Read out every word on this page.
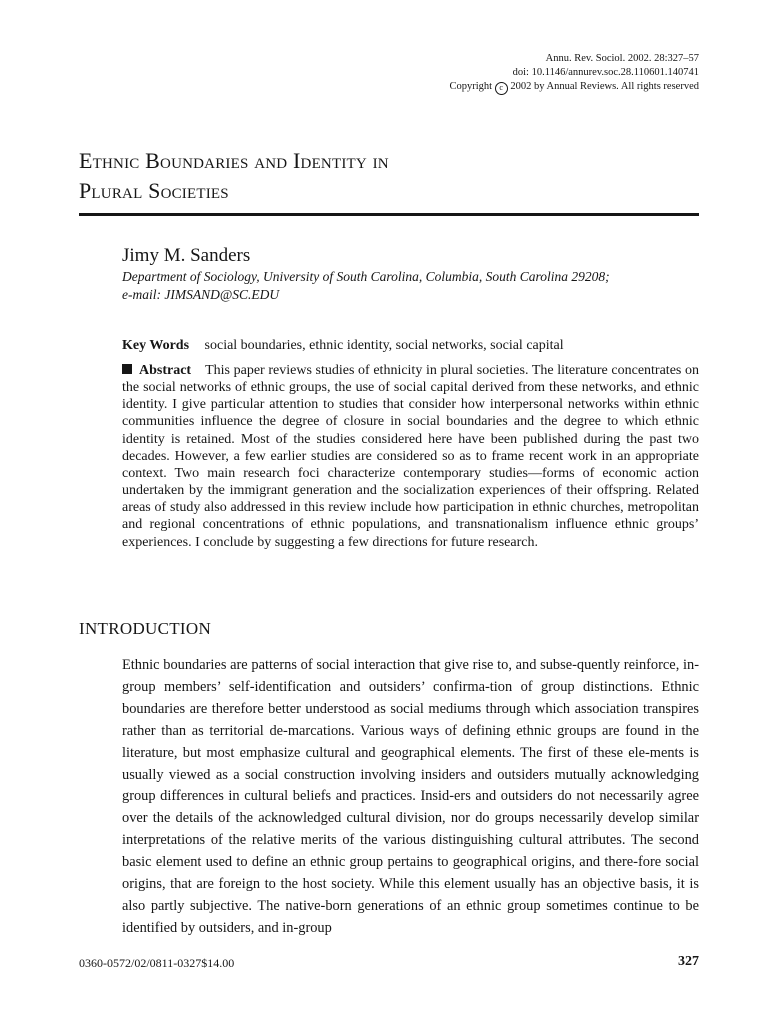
Annu. Rev. Sociol. 2002. 28:327–57
doi: 10.1146/annurev.soc.28.110601.140741
Copyright c 2002 by Annual Reviews. All rights reserved
Ethnic Boundaries and Identity in
Plural Societies
Jimy M. Sanders
Department of Sociology, University of South Carolina, Columbia, South Carolina 29208;
e-mail: JIMSAND@SC.EDU
Key Words social boundaries, ethnic identity, social networks, social capital

Abstract This paper reviews studies of ethnicity in plural societies. The literature concentrates on the social networks of ethnic groups, the use of social capital derived from these networks, and ethnic identity. I give particular attention to studies that consider how interpersonal networks within ethnic communities influence the degree of closure in social boundaries and the degree to which ethnic identity is retained. Most of the studies considered here have been published during the past two decades. However, a few earlier studies are considered so as to frame recent work in an appropriate context. Two main research foci characterize contemporary studies—forms of economic action undertaken by the immigrant generation and the socialization experiences of their offspring. Related areas of study also addressed in this review include how participation in ethnic churches, metropolitan and regional concentrations of ethnic populations, and transnationalism influence ethnic groups’ experiences. I conclude by suggesting a few directions for future research.

INTRODUCTION

Ethnic boundaries are patterns of social interaction that give rise to, and subse-quently reinforce, in-group members’ self-identification and outsiders’ confirma-tion of group distinctions. Ethnic boundaries are therefore better understood as social mediums through which association transpires rather than as territorial de-marcations. Various ways of defining ethnic groups are found in the literature, but most emphasize cultural and geographical elements. The first of these ele-ments is usually viewed as a social construction involving insiders and outsiders mutually acknowledging group differences in cultural beliefs and practices. Insid-ers and outsiders do not necessarily agree over the details of the acknowledged cultural division, nor do groups necessarily develop similar interpretations of the relative merits of the various distinguishing cultural attributes. The second basic element used to define an ethnic group pertains to geographical origins, and there-fore social origins, that are foreign to the host society. While this element usually has an objective basis, it is also partly subjective. The native-born generations of an ethnic group sometimes continue to be identified by outsiders, and in-group

0360-0572/02/0811-0327$14.00	327
